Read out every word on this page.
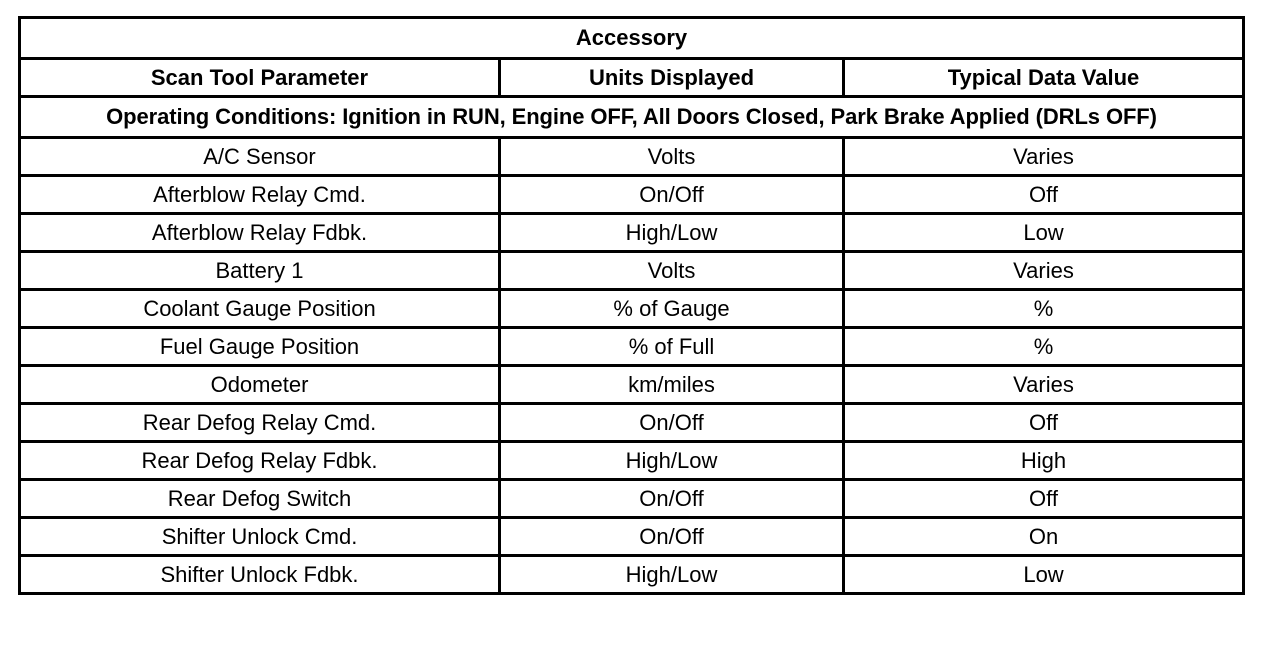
Accessory		
Scan Tool Parameter	Units Displayed	Typical Data Value
Operating Conditions: Ignition in RUN, Engine OFF, All Doors Closed, Park Brake Applied (DRLs OFF)		
A/C Sensor	Volts	Varies
Afterblow Relay Cmd.	On/Off	Off
Afterblow Relay Fdbk.	High/Low	Low
Battery 1	Volts	Varies
Coolant Gauge Position	% of Gauge	%
Fuel Gauge Position	% of Full	%
Odometer	km/miles	Varies
Rear Defog Relay Cmd.	On/Off	Off
Rear Defog Relay Fdbk.	High/Low	High
Rear Defog Switch	On/Off	Off
Shifter Unlock Cmd.	On/Off	On
Shifter Unlock Fdbk.	High/Low	Low
